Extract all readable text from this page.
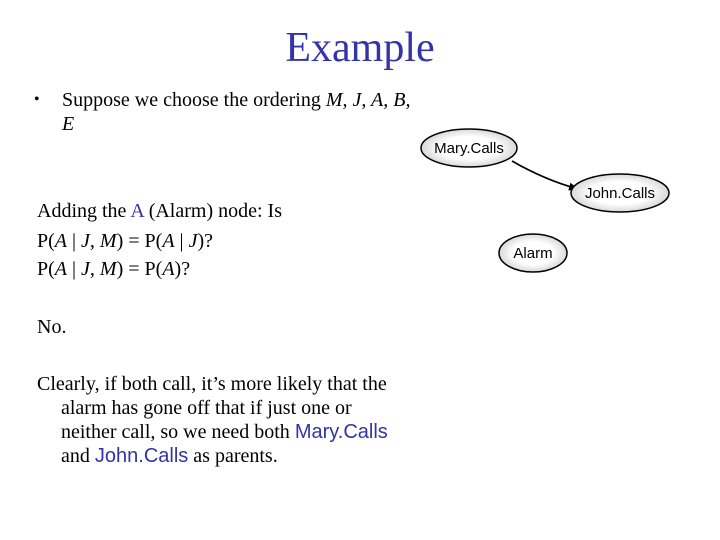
Example
•	Suppose we choose the ordering M, J, A, B, E
Adding the A (Alarm) node: Is
P(A | J, M) = P(A | J)?
P(A | J, M) = P(A)?
No.
Clearly, if both call, it’s more likely that the alarm has gone off that if just one or neither call, so we need both Mary.Calls and John.Calls as parents.
Mary.Calls
John.Calls
Alarm
